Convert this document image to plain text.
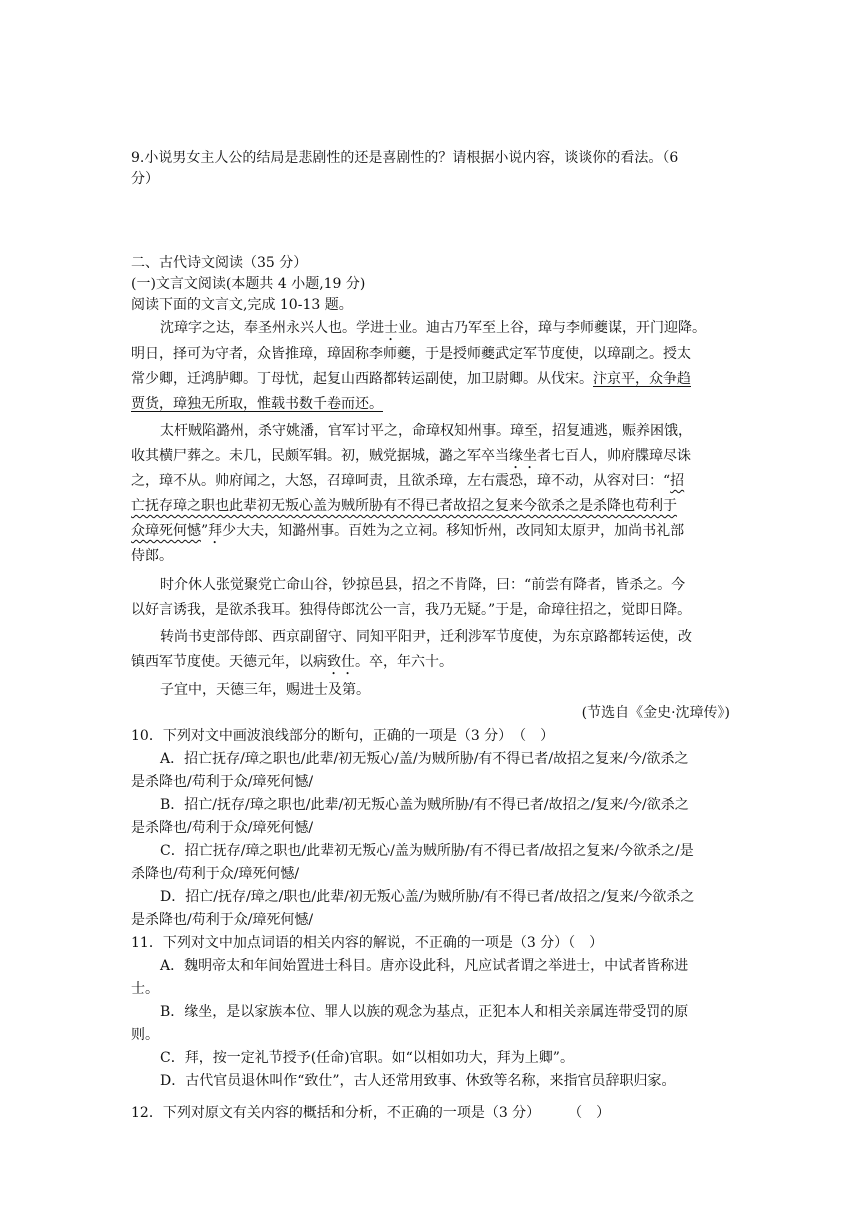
9.小说男女主人公的结局是悲剧性的还是喜剧性的？请根据小说内容，谈谈你的看法。（6
分）
二、古代诗文阅读（35 分）
(一)文言文阅读(本题共 4 小题,19 分)
阅读下面的文言文,完成 10-13 题。
沈璋字之达，奉圣州永兴人也。学进士业。迪古乃军至上谷，璋与李师夔谋，开门迎降。
明日，择可为守者，众皆推璋，璋固称李师夔，于是授师夔武定军节度使，以璋副之。授太
常少卿，迁鸿胪卿。丁母忧，起复山西路都转运副使，加卫尉卿。从伐宋。汴京平，众争趋
贾货，璋独无所取，惟载书数千卷而还。
太杆贼陷潞州，杀守姚潘，官军讨平之，命璋权知州事。璋至，招复逋逃，赈养困饿，
收其横尸葬之。未几，民颇军辑。初，贼党据城，潞之军卒当缘坐者七百人，帅府牒璋尽诛
之，璋不从。帅府闻之，大怒，召璋呵责，且欲杀璋，左右震恐，璋不动，从容对曰：“招
亡抚存璋之职也此辈初无叛心盖为贼所胁有不得已者故招之复来今欲杀之是杀降也苟利于
众璋死何憾”拜少大夫，知潞州事。百姓为之立祠。移知忻州，改同知太原尹，加尚书礼部
侍郎。
时介休人张觉聚党亡命山谷，钞掠邑县，招之不肯降，曰：“前尝有降者，皆杀之。今
以好言诱我，是欲杀我耳。独得侍郎沈公一言，我乃无疑。”于是，命璋往招之，觉即日降。
转尚书吏部侍郎、西京副留守、同知平阳尹，迁利涉军节度使，为东京路都转运使，改
镇西军节度使。天德元年，以病致仕。卒，年六十。
子宜中，天德三年，赐进士及第。
(节选自《金史·沈璋传》)
10．下列对文中画波浪线部分的断句，正确的一项是（3 分）　（　）
A．招亡抚存/璋之职也/此辈/初无叛心/盖/为贼所胁/有不得已者/故招之复来/今/欲杀之
是杀降也/苟利于众/璋死何憾/
B．招亡/抚存/璋之职也/此辈/初无叛心盖为贼所胁/有不得已者/故招之/复来/今/欲杀之
是杀降也/苟利于众/璋死何憾/
C．招亡抚存/璋之职也/此辈初无叛心/盖为贼所胁/有不得已者/故招之复来/今欲杀之/是
杀降也/苟利于众/璋死何憾/
D．招亡/抚存/璋之/职也/此辈/初无叛心盖/为贼所胁/有不得已者/故招之/复来/今欲杀之
是杀降也/苟利于众/璋死何憾/
11．下列对文中加点词语的相关内容的解说，不正确的一项是（3 分）（　）
A．魏明帝太和年间始置进士科目。唐亦设此科，凡应试者谓之举进士，中试者皆称进
士。
B．缘坐，是以家族本位、罪人以族的观念为基点，正犯本人和相关亲属连带受罚的原
则。
C．拜，按一定礼节授予(任命)官职。如“以相如功大，拜为上卿”。
D．古代官员退休叫作“致仕”，古人还常用致事、休致等名称，来指官员辞职归家。
12．下列对原文有关内容的概括和分析，不正确的一项是（3 分）　　　（　）
